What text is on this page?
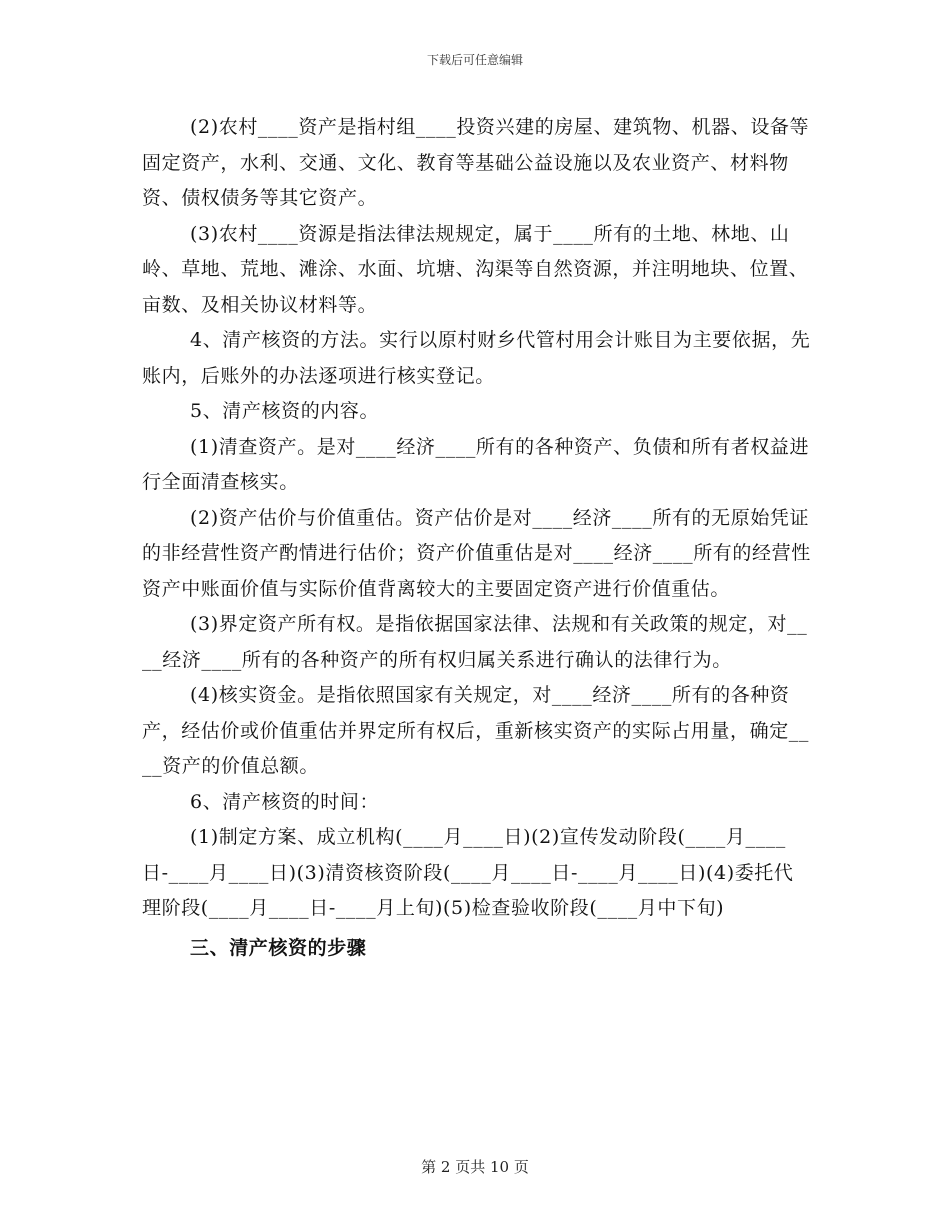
下载后可任意编辑

(2)农村____资产是指村组____投资兴建的房屋、建筑物、机器、设备等固定资产，水利、交通、文化、教育等基础公益设施以及农业资产、材料物资、债权债务等其它资产。

(3)农村____资源是指法律法规规定，属于____所有的土地、林地、山岭、草地、荒地、滩涂、水面、坑塘、沟渠等自然资源，并注明地块、位置、亩数、及相关协议材料等。

4、清产核资的方法。实行以原村财乡代管村用会计账目为主要依据，先账内，后账外的办法逐项进行核实登记。

5、清产核资的内容。

(1)清查资产。是对____经济____所有的各种资产、负债和所有者权益进行全面清查核实。

(2)资产估价与价值重估。资产估价是对____经济____所有的无原始凭证的非经营性资产酌情进行估价；资产价值重估是对____经济____所有的经营性资产中账面价值与实际价值背离较大的主要固定资产进行价值重估。

(3)界定资产所有权。是指依据国家法律、法规和有关政策的规定，对____经济____所有的各种资产的所有权归属关系进行确认的法律行为。

(4)核实资金。是指依照国家有关规定，对____经济____所有的各种资产，经估价或价值重估并界定所有权后，重新核实资产的实际占用量，确定____资产的价值总额。

6、清产核资的时间：

(1)制定方案、成立机构(____月____日)(2)宣传发动阶段(____月____日-____月____日)(3)清资核资阶段(____月____日-____月____日)(4)委托代理阶段(____月____日-____月上旬)(5)检查验收阶段(____月中下旬)

三、清产核资的步骤

第 2 页共 10 页
